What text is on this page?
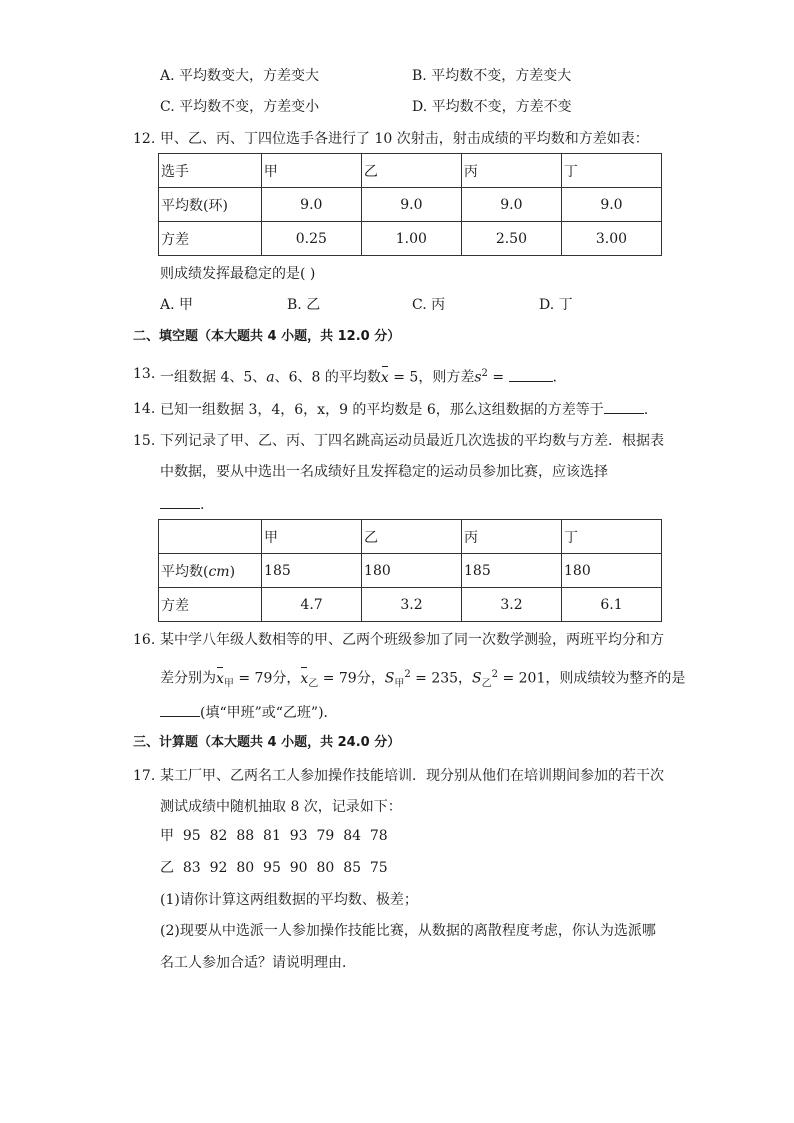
A. 平均数变大，方差变大	B. 平均数不变，方差变大
C. 平均数不变，方差变小	D. 平均数不变，方差不变
12. 甲、乙、丙、丁四位选手各进行了 10 次射击，射击成绩的平均数和方差如表：
选手	甲	乙	丙	丁
平均数(环)	9.0	9.0	9.0	9.0
方差	0.25	1.00	2.50	3.00
则成绩发挥最稳定的是( )
A. 甲	B. 乙	C. 丙	D. 丁
二、填空题（本大题共 4 小题，共 12.0 分）
13. 一组数据 4、5、a、6、8 的平均数x = 5，则方差$s^2$ =	.
14. 已知一组数据 3，4，6，x，9 的平均数是 6，那么这组数据的方差等于	.
15. 下列记录了甲、乙、丙、丁四名跳高运动员最近几次选拔的平均数与方差．根据表
中数据，要从中选出一名成绩好且发挥稳定的运动员参加比赛，应该选择
.
	甲	乙	丙	丁
平均数(cm)	185	180	185	180
方差	4.7	3.2	3.2	6.1
16. 某中学八年级人数相等的甲、乙两个班级参加了同一次数学测验，两班平均分和方
差分别为$x_甲 = 79$分，$x_乙 = 79$分，$S_甲^2 = 235$，$S_乙^2 = 201$，则成绩较为整齐的是
(填“甲班”或“乙班”)．
三、计算题（本大题共 4 小题，共 24.0 分）
17. 某工厂甲、乙两名工人参加操作技能培训．现分别从他们在培训期间参加的若干次
测试成绩中随机抽取 8 次，记录如下：
甲  95  82  88  81  93  79  84  78
乙  83  92  80  95  90  80  85  75
(1)请你计算这两组数据的平均数、极差；
(2)现要从中选派一人参加操作技能比赛，从数据的离散程度考虑，你认为选派哪
名工人参加合适？请说明理由．
